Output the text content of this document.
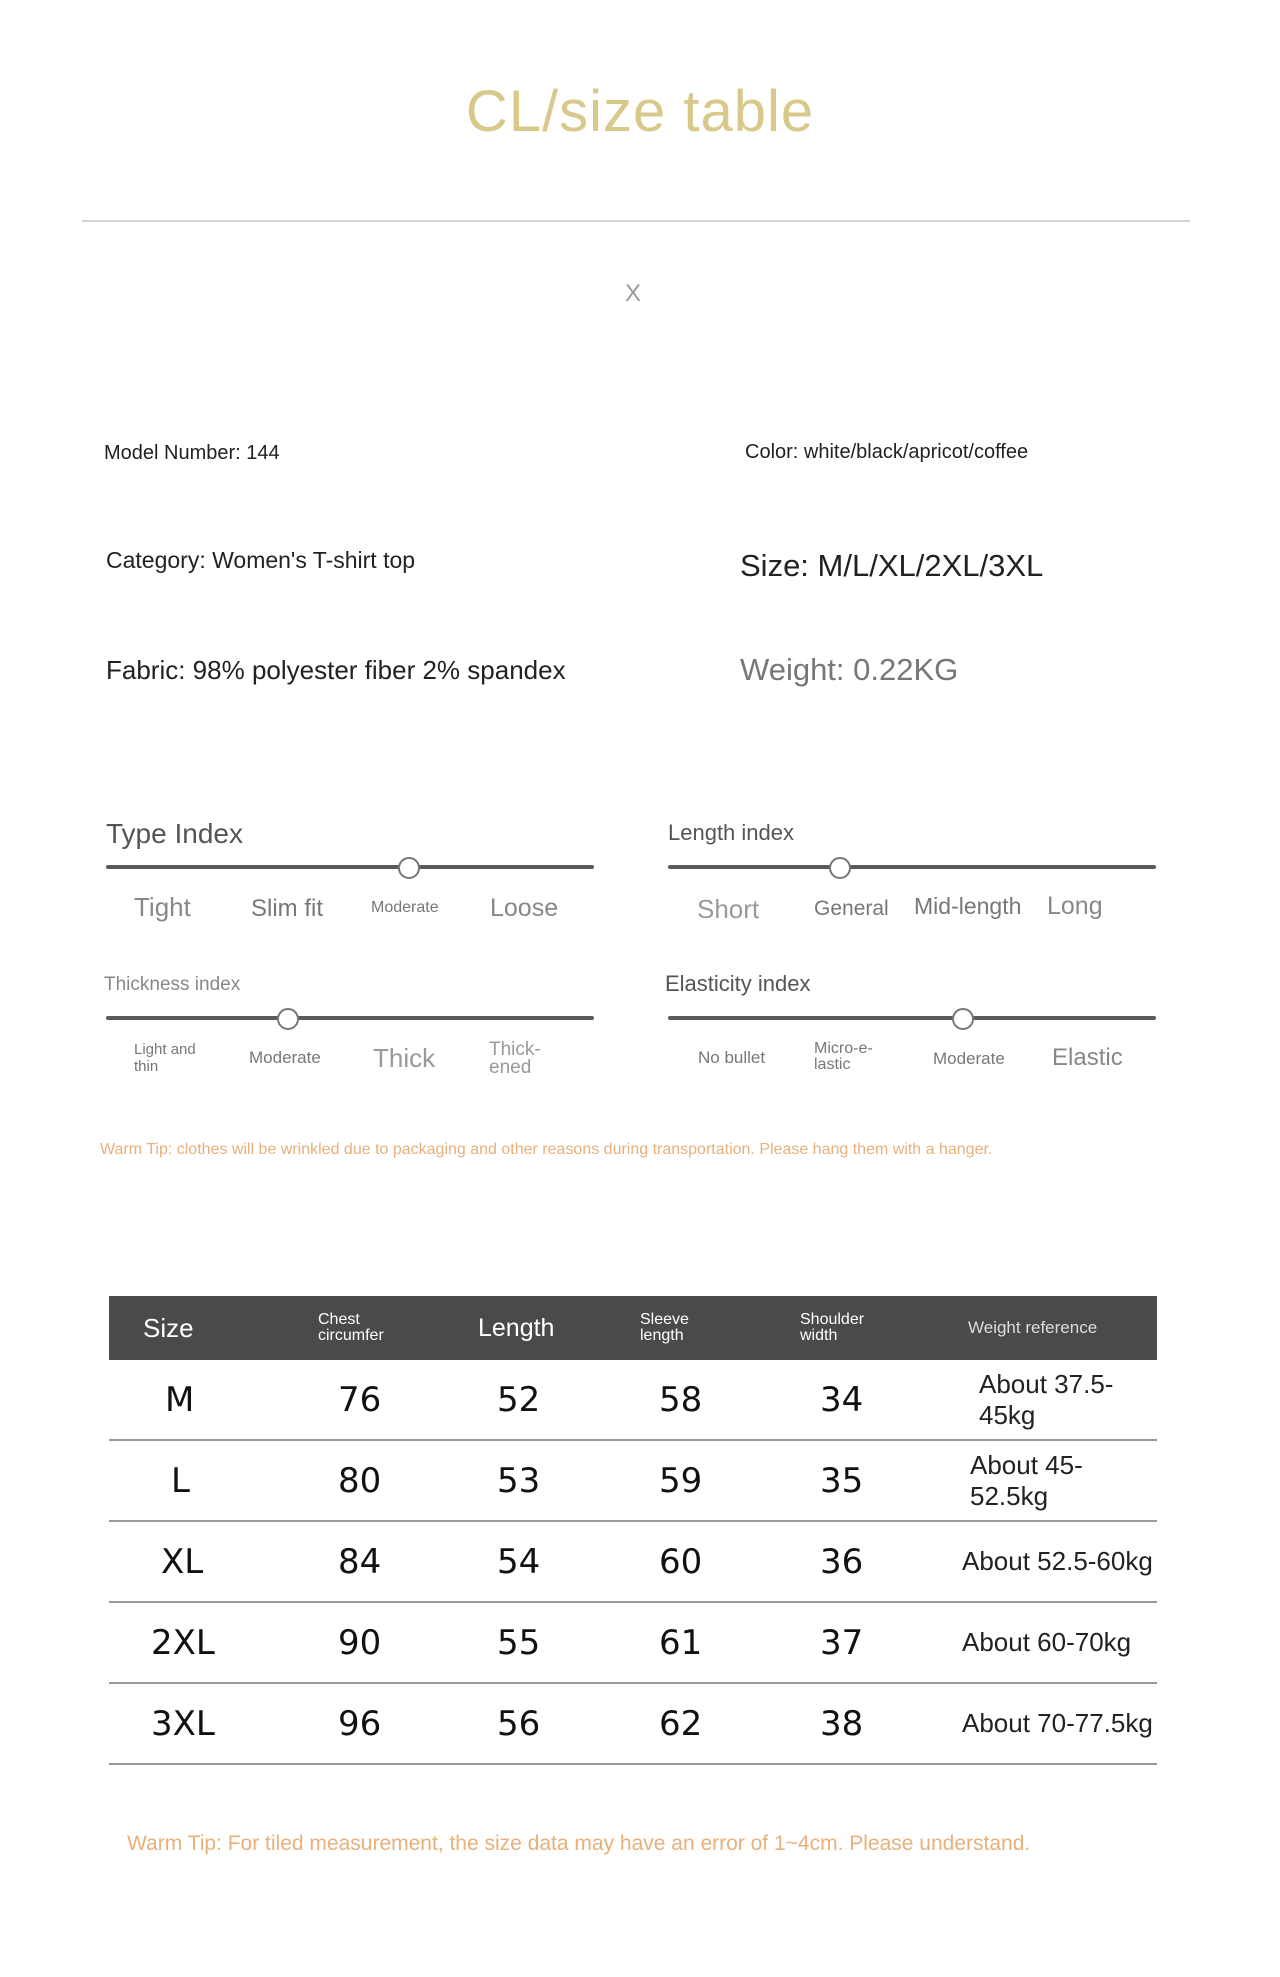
CL/size table
X
Model Number: 144	Color: white/black/apricot/coffee
Category: Women's T-shirt top	Size: M/L/XL/2XL/3XL
Fabric: 98% polyester fiber 2% spandex	Weight: 0.22KG
Type Index
Tight	Slim fit	Moderate Loose
Length index
Short	General Mid-length Long
Thickness index
Light and thin	Moderate Thick	Thick-ened
Elasticity index
No bullet	Micro-e-lastic	Moderate Elastic
Warm Tip: clothes will be wrinkled due to packaging and other reasons during transportation. Please hang them with a hanger.
Size	Chest circumfer	Length	Sleeve length	Shoulder width	Weight reference
M	76	52	58	34	About 37.5-45kg
L	80	53	59	35	About 45-52.5kg
XL	84	54	60	36	About 52.5-60kg
2XL	90	55	61	37	About 60-70kg
3XL	96	56	62	38	About 70-77.5kg
Warm Tip: For tiled measurement, the size data may have an error of 1~4cm. Please understand.
